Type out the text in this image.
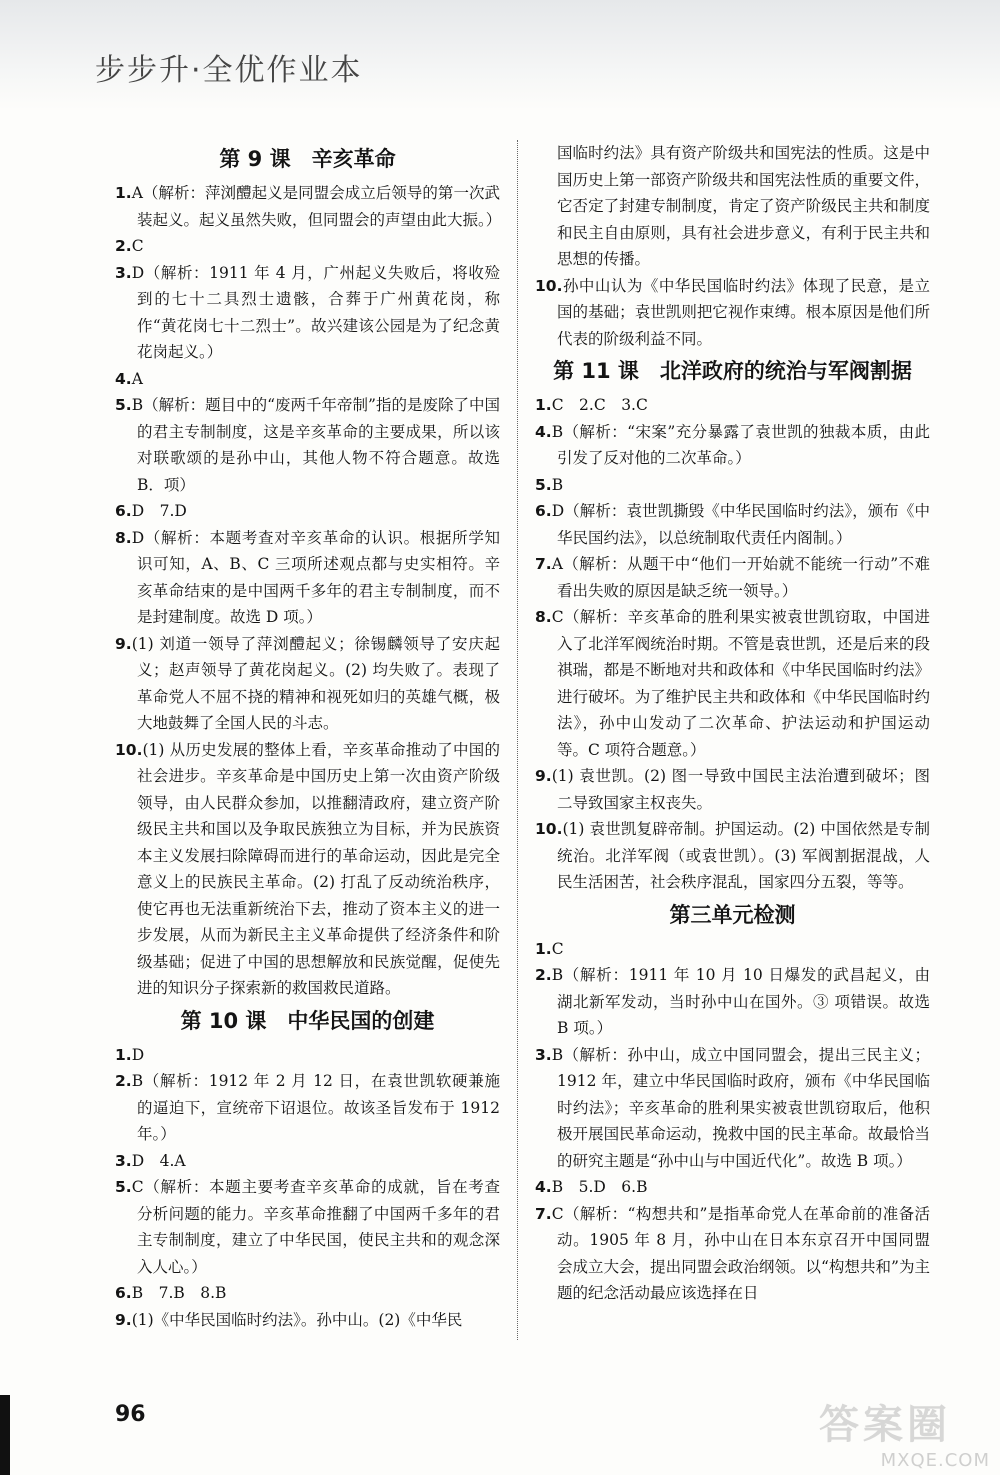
步步升·全优作业本
第 9 课　辛亥革命
1.A（解析：萍浏醴起义是同盟会成立后领导的第一次武装起义。起义虽然失败，但同盟会的声望由此大振。）
2.C
3.D（解析：1911 年 4 月，广州起义失败后，将收殓到的七十二具烈士遗骸，合葬于广州黄花岗，称作“黄花岗七十二烈士”。故兴建该公园是为了纪念黄花岗起义。）
4.A
5.B（解析：题目中的“废两千年帝制”指的是废除了中国的君主专制制度，这是辛亥革命的主要成果，所以该对联歌颂的是孙中山，其他人物不符合题意。故选 B．项）
6.D　7.D
8.D（解析：本题考查对辛亥革命的认识。根据所学知识可知，A、B、C 三项所述观点都与史实相符。辛亥革命结束的是中国两千多年的君主专制制度，而不是封建制度。故选 D 项。）
9.(1) 刘道一领导了萍浏醴起义；徐锡麟领导了安庆起义；赵声领导了黄花岗起义。(2) 均失败了。表现了革命党人不屈不挠的精神和视死如归的英雄气概，极大地鼓舞了全国人民的斗志。
10.(1) 从历史发展的整体上看，辛亥革命推动了中国的社会进步。辛亥革命是中国历史上第一次由资产阶级领导，由人民群众参加，以推翻清政府，建立资产阶级民主共和国以及争取民族独立为目标，并为民族资本主义发展扫除障碍而进行的革命运动，因此是完全意义上的民族民主革命。(2) 打乱了反动统治秩序，使它再也无法重新统治下去，推动了资本主义的进一步发展，从而为新民主主义革命提供了经济条件和阶级基础；促进了中国的思想解放和民族觉醒，促使先进的知识分子探索新的救国救民道路。
第 10 课　中华民国的创建
1.D
2.B（解析：1912 年 2 月 12 日，在袁世凯软硬兼施的逼迫下，宣统帝下诏退位。故该圣旨发布于 1912 年。）
3.D　4.A
5.C（解析：本题主要考查辛亥革命的成就，旨在考查分析问题的能力。辛亥革命推翻了中国两千多年的君主专制制度，建立了中华民国，使民主共和的观念深入人心。）
6.B　7.B　8.B
9.(1)《中华民国临时约法》。孙中山。(2)《中华民
国临时约法》具有资产阶级共和国宪法的性质。这是中国历史上第一部资产阶级共和国宪法性质的重要文件，它否定了封建专制制度，肯定了资产阶级民主共和制度和民主自由原则，具有社会进步意义，有利于民主共和思想的传播。
10.孙中山认为《中华民国临时约法》体现了民意，是立国的基础；袁世凯则把它视作束缚。根本原因是他们所代表的阶级利益不同。
第 11 课　北洋政府的统治与军阀割据
1.C　2.C　3.C
4.B（解析：“宋案”充分暴露了袁世凯的独裁本质，由此引发了反对他的二次革命。）
5.B
6.D（解析：袁世凯撕毁《中华民国临时约法》，颁布《中华民国约法》，以总统制取代责任内阁制。）
7.A（解析：从题干中“他们一开始就不能统一行动”不难看出失败的原因是缺乏统一领导。）
8.C（解析：辛亥革命的胜利果实被袁世凯窃取，中国进入了北洋军阀统治时期。不管是袁世凯，还是后来的段祺瑞，都是不断地对共和政体和《中华民国临时约法》进行破坏。为了维护民主共和政体和《中华民国临时约法》，孙中山发动了二次革命、护法运动和护国运动等。C 项符合题意。）
9.(1) 袁世凯。(2) 图一导致中国民主法治遭到破坏；图二导致国家主权丧失。
10.(1) 袁世凯复辟帝制。护国运动。(2) 中国依然是专制统治。北洋军阀（或袁世凯）。(3) 军阀割据混战，人民生活困苦，社会秩序混乱，国家四分五裂，等等。
第三单元检测
1.C
2.B（解析：1911 年 10 月 10 日爆发的武昌起义，由湖北新军发动，当时孙中山在国外。③ 项错误。故选 B 项。）
3.B（解析：孙中山，成立中国同盟会，提出三民主义；1912 年，建立中华民国临时政府，颁布《中华民国临时约法》；辛亥革命的胜利果实被袁世凯窃取后，他积极开展国民革命运动，挽救中国的民主革命。故最恰当的研究主题是“孙中山与中国近代化”。故选 B 项。）
4.B　5.D　6.B
7.C（解析：“构想共和”是指革命党人在革命前的准备活动。1905 年 8 月，孙中山在日本东京召开中国同盟会成立大会，提出同盟会政治纲领。以“构想共和”为主题的纪念活动最应该选择在日
96	答案圈
MXQE.COM
